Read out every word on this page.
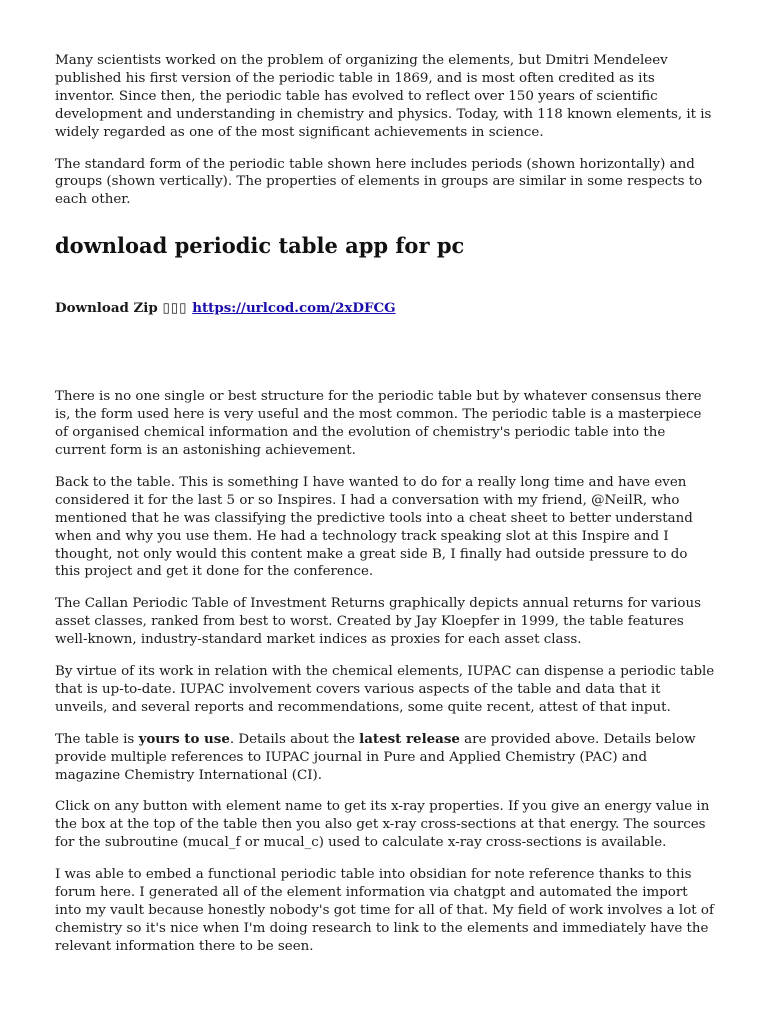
Many scientists worked on the problem of organizing the elements, but Dmitri Mendeleev published his first version of the periodic table in 1869, and is most often credited as its inventor. Since then, the periodic table has evolved to reflect over 150 years of scientific development and understanding in chemistry and physics. Today, with 118 known elements, it is widely regarded as one of the most significant achievements in science.

The standard form of the periodic table shown here includes periods (shown horizontally) and groups (shown vertically). The properties of elements in groups are similar in some respects to each other.

download periodic table app for pc
Download Zip ▯▯▯ https://urlcod.com/2xDFCG

There is no one single or best structure for the periodic table but by whatever consensus there is, the form used here is very useful and the most common. The periodic table is a masterpiece of organised chemical information and the evolution of chemistry's periodic table into the current form is an astonishing achievement.

Back to the table. This is something I have wanted to do for a really long time and have even considered it for the last 5 or so Inspires. I had a conversation with my friend, @NeilR, who mentioned that he was classifying the predictive tools into a cheat sheet to better understand when and why you use them. He had a technology track speaking slot at this Inspire and I thought, not only would this content make a great side B, I finally had outside pressure to do this project and get it done for the conference.

The Callan Periodic Table of Investment Returns graphically depicts annual returns for various asset classes, ranked from best to worst. Created by Jay Kloepfer in 1999, the table features well-known, industry-standard market indices as proxies for each asset class.

By virtue of its work in relation with the chemical elements, IUPAC can dispense a periodic table that is up-to-date. IUPAC involvement covers various aspects of the table and data that it unveils, and several reports and recommendations, some quite recent, attest of that input.

The table is yours to use. Details about the latest release are provided above. Details below provide multiple references to IUPAC journal in Pure and Applied Chemistry (PAC) and magazine Chemistry International (CI).

Click on any button with element name to get its x-ray properties. If you give an energy value in the box at the top of the table then you also get x-ray cross-sections at that energy. The sources for the subroutine (mucal_f or mucal_c) used to calculate x-ray cross-sections is available.

I was able to embed a functional periodic table into obsidian for note reference thanks to this forum here. I generated all of the element information via chatgpt and automated the import into my vault because honestly nobody's got time for all of that. My field of work involves a lot of chemistry so it's nice when I'm doing research to link to the elements and immediately have the relevant information there to be seen.
